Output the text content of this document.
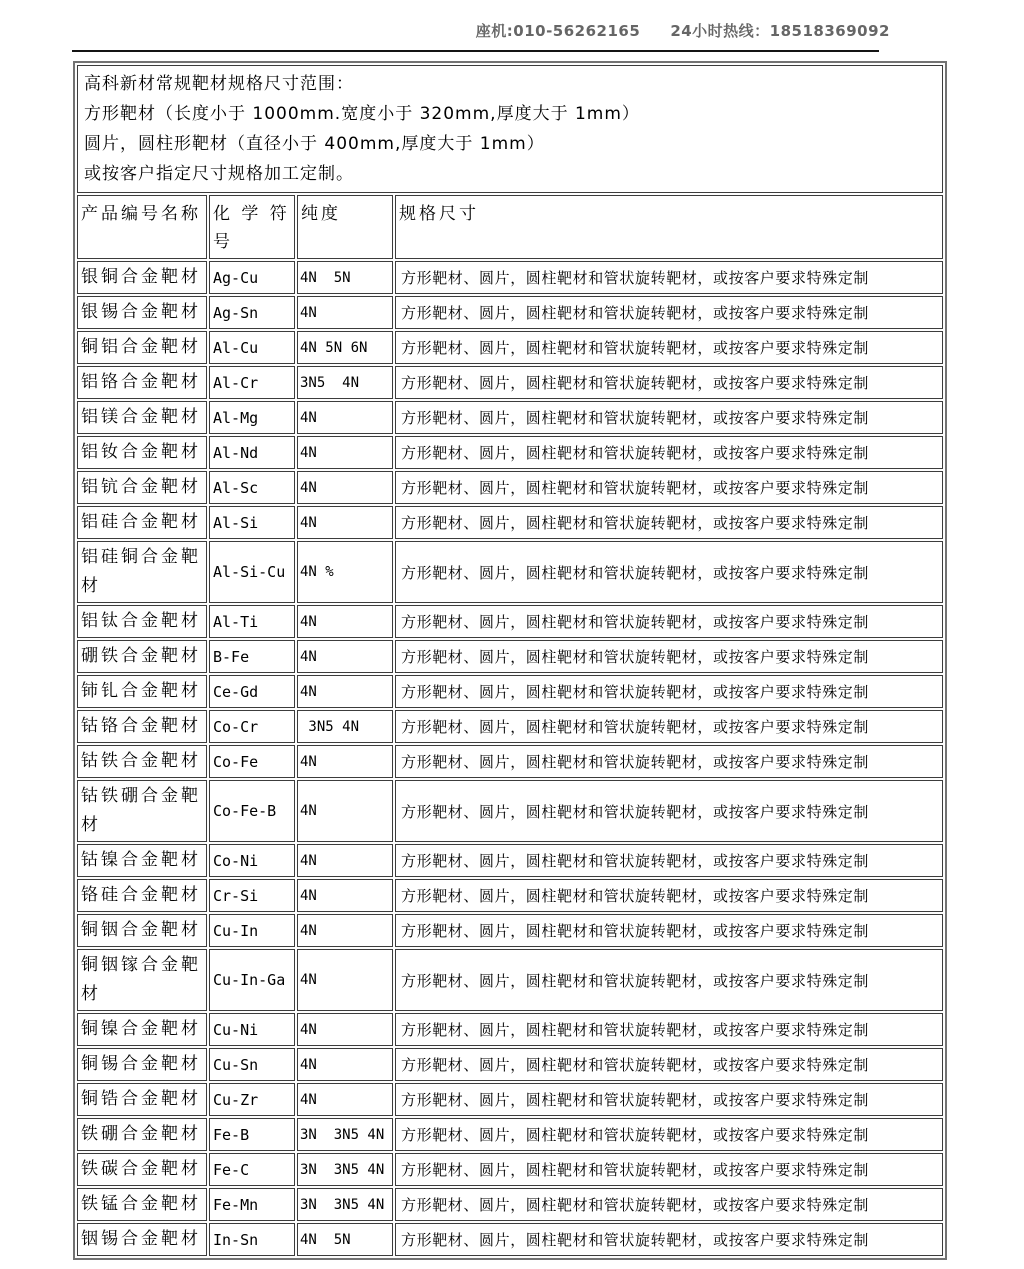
座机:010-56262165 24小时热线：18518369092
高科新材常规靶材规格尺寸范围：
方形靶材（长度小于 1000mm.宽度小于 320mm,厚度大于 1mm）
圆片，圆柱形靶材（直径小于 400mm,厚度大于 1mm）
或按客户指定尺寸规格加工定制。			

产品编号名称	化 学 符号	纯度	规格尺寸
银铜合金靶材	Ag-Cu	4N  5N	方形靶材、圆片，圆柱靶材和管状旋转靶材，或按客户要求特殊定制
银锡合金靶材	Ag-Sn	4N	方形靶材、圆片，圆柱靶材和管状旋转靶材，或按客户要求特殊定制
铜铝合金靶材	Al-Cu	4N 5N 6N	方形靶材、圆片，圆柱靶材和管状旋转靶材，或按客户要求特殊定制
铝铬合金靶材	Al-Cr	3N5  4N	方形靶材、圆片，圆柱靶材和管状旋转靶材，或按客户要求特殊定制
铝镁合金靶材	Al-Mg	4N	方形靶材、圆片，圆柱靶材和管状旋转靶材，或按客户要求特殊定制
铝钕合金靶材	Al-Nd	4N	方形靶材、圆片，圆柱靶材和管状旋转靶材，或按客户要求特殊定制
铝钪合金靶材	Al-Sc	4N	方形靶材、圆片，圆柱靶材和管状旋转靶材，或按客户要求特殊定制
铝硅合金靶材	Al-Si	4N	方形靶材、圆片，圆柱靶材和管状旋转靶材，或按客户要求特殊定制
铝硅铜合金靶材	Al-Si-Cu	4N %	方形靶材、圆片，圆柱靶材和管状旋转靶材，或按客户要求特殊定制
铝钛合金靶材	Al-Ti	4N	方形靶材、圆片，圆柱靶材和管状旋转靶材，或按客户要求特殊定制
硼铁合金靶材	B-Fe	4N	方形靶材、圆片，圆柱靶材和管状旋转靶材，或按客户要求特殊定制
铈钆合金靶材	Ce-Gd	4N	方形靶材、圆片，圆柱靶材和管状旋转靶材，或按客户要求特殊定制
钴铬合金靶材	Co-Cr	3N5 4N	方形靶材、圆片，圆柱靶材和管状旋转靶材，或按客户要求特殊定制
钴铁合金靶材	Co-Fe	4N	方形靶材、圆片，圆柱靶材和管状旋转靶材，或按客户要求特殊定制
钴铁硼合金靶材	Co-Fe-B	4N	方形靶材、圆片，圆柱靶材和管状旋转靶材，或按客户要求特殊定制
钴镍合金靶材	Co-Ni	4N	方形靶材、圆片，圆柱靶材和管状旋转靶材，或按客户要求特殊定制
铬硅合金靶材	Cr-Si	4N	方形靶材、圆片，圆柱靶材和管状旋转靶材，或按客户要求特殊定制
铜铟合金靶材	Cu-In	4N	方形靶材、圆片，圆柱靶材和管状旋转靶材，或按客户要求特殊定制
铜铟镓合金靶材	Cu-In-Ga	4N	方形靶材、圆片，圆柱靶材和管状旋转靶材，或按客户要求特殊定制
铜镍合金靶材	Cu-Ni	4N	方形靶材、圆片，圆柱靶材和管状旋转靶材，或按客户要求特殊定制
铜锡合金靶材	Cu-Sn	4N	方形靶材、圆片，圆柱靶材和管状旋转靶材，或按客户要求特殊定制
铜锆合金靶材	Cu-Zr	4N	方形靶材、圆片，圆柱靶材和管状旋转靶材，或按客户要求特殊定制
铁硼合金靶材	Fe-B	3N  3N5 4N	方形靶材、圆片，圆柱靶材和管状旋转靶材，或按客户要求特殊定制
铁碳合金靶材	Fe-C	3N  3N5 4N	方形靶材、圆片，圆柱靶材和管状旋转靶材，或按客户要求特殊定制
铁锰合金靶材	Fe-Mn	3N  3N5 4N	方形靶材、圆片，圆柱靶材和管状旋转靶材，或按客户要求特殊定制
铟锡合金靶材	In-Sn	4N  5N	方形靶材、圆片，圆柱靶材和管状旋转靶材，或按客户要求特殊定制
